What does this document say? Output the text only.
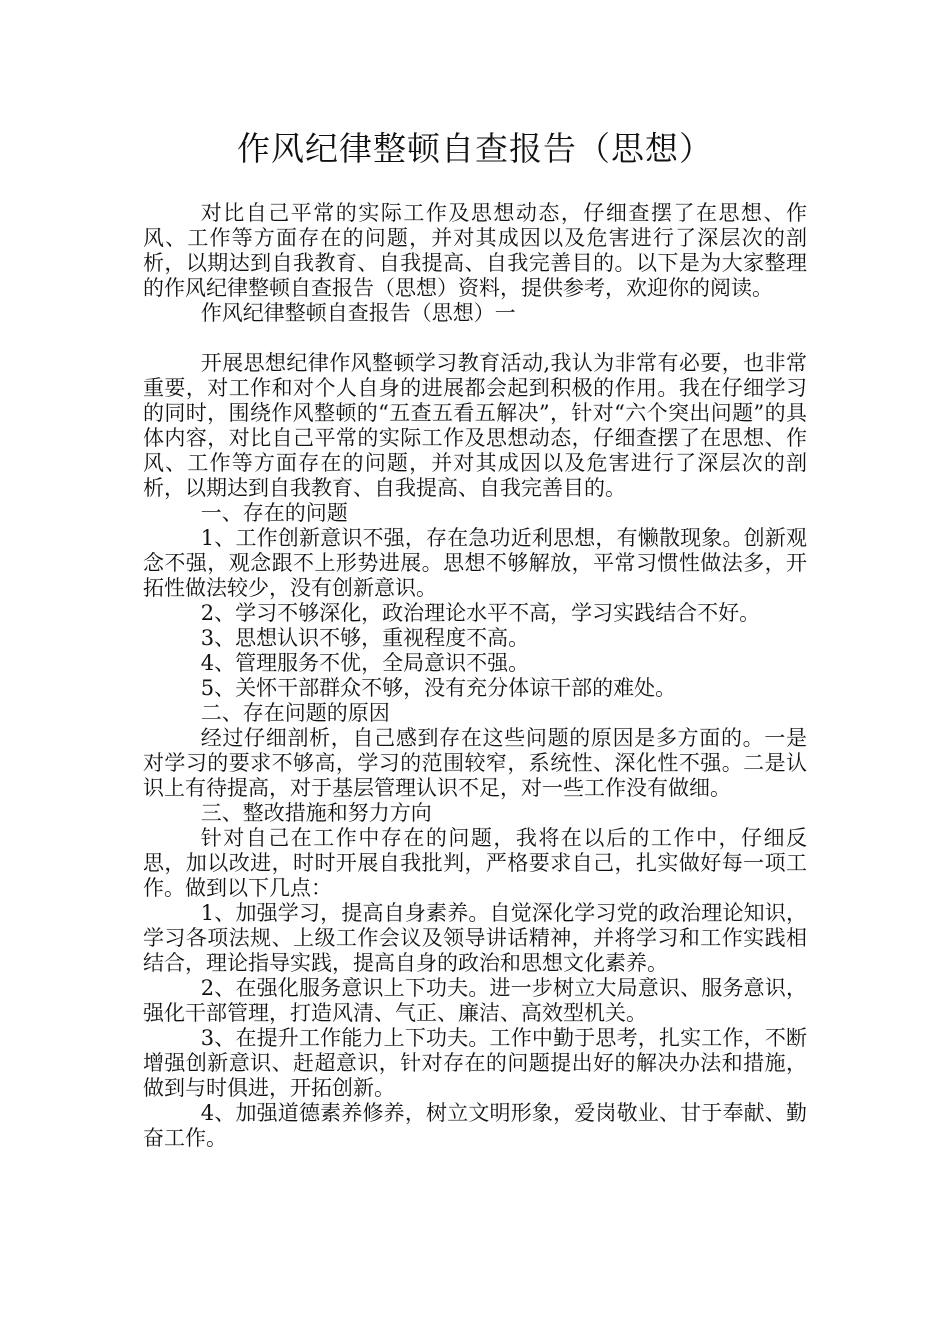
作风纪律整顿自查报告（思想）

对比自己平常的实际工作及思想动态，仔细查摆了在思想、作风、工作等方面存在的问题，并对其成因以及危害进行了深层次的剖析，以期达到自我教育、自我提高、自我完善目的。以下是为大家整理的作风纪律整顿自查报告（思想）资料，提供参考，欢迎你的阅读。

作风纪律整顿自查报告（思想）一

开展思想纪律作风整顿学习教育活动,我认为非常有必要，也非常重要，对工作和对个人自身的进展都会起到积极的作用。我在仔细学习的同时，围绕作风整顿的“五查五看五解决”，针对“六个突出问题”的具体内容，对比自己平常的实际工作及思想动态，仔细查摆了在思想、作风、工作等方面存在的问题，并对其成因以及危害进行了深层次的剖析，以期达到自我教育、自我提高、自我完善目的。

一、存在的问题

1、工作创新意识不强，存在急功近利思想，有懒散现象。创新观念不强，观念跟不上形势进展。思想不够解放，平常习惯性做法多，开拓性做法较少，没有创新意识。

2、学习不够深化，政治理论水平不高，学习实践结合不好。

3、思想认识不够，重视程度不高。

4、管理服务不优，全局意识不强。

5、关怀干部群众不够，没有充分体谅干部的难处。

二、存在问题的原因

经过仔细剖析，自己感到存在这些问题的原因是多方面的。一是对学习的要求不够高，学习的范围较窄，系统性、深化性不强。二是认识上有待提高，对于基层管理认识不足，对一些工作没有做细。

三、整改措施和努力方向

针对自己在工作中存在的问题，我将在以后的工作中，仔细反思，加以改进，时时开展自我批判，严格要求自己，扎实做好每一项工作。做到以下几点：

1、加强学习，提高自身素养。自觉深化学习党的政治理论知识，学习各项法规、上级工作会议及领导讲话精神，并将学习和工作实践相结合，理论指导实践，提高自身的政治和思想文化素养。

2、在强化服务意识上下功夫。进一步树立大局意识、服务意识，强化干部管理，打造风清、气正、廉洁、高效型机关。

3、在提升工作能力上下功夫。工作中勤于思考，扎实工作，不断增强创新意识、赶超意识，针对存在的问题提出好的解决办法和措施，做到与时俱进，开拓创新。

4、加强道德素养修养，树立文明形象，爱岗敬业、甘于奉献、勤奋工作。
